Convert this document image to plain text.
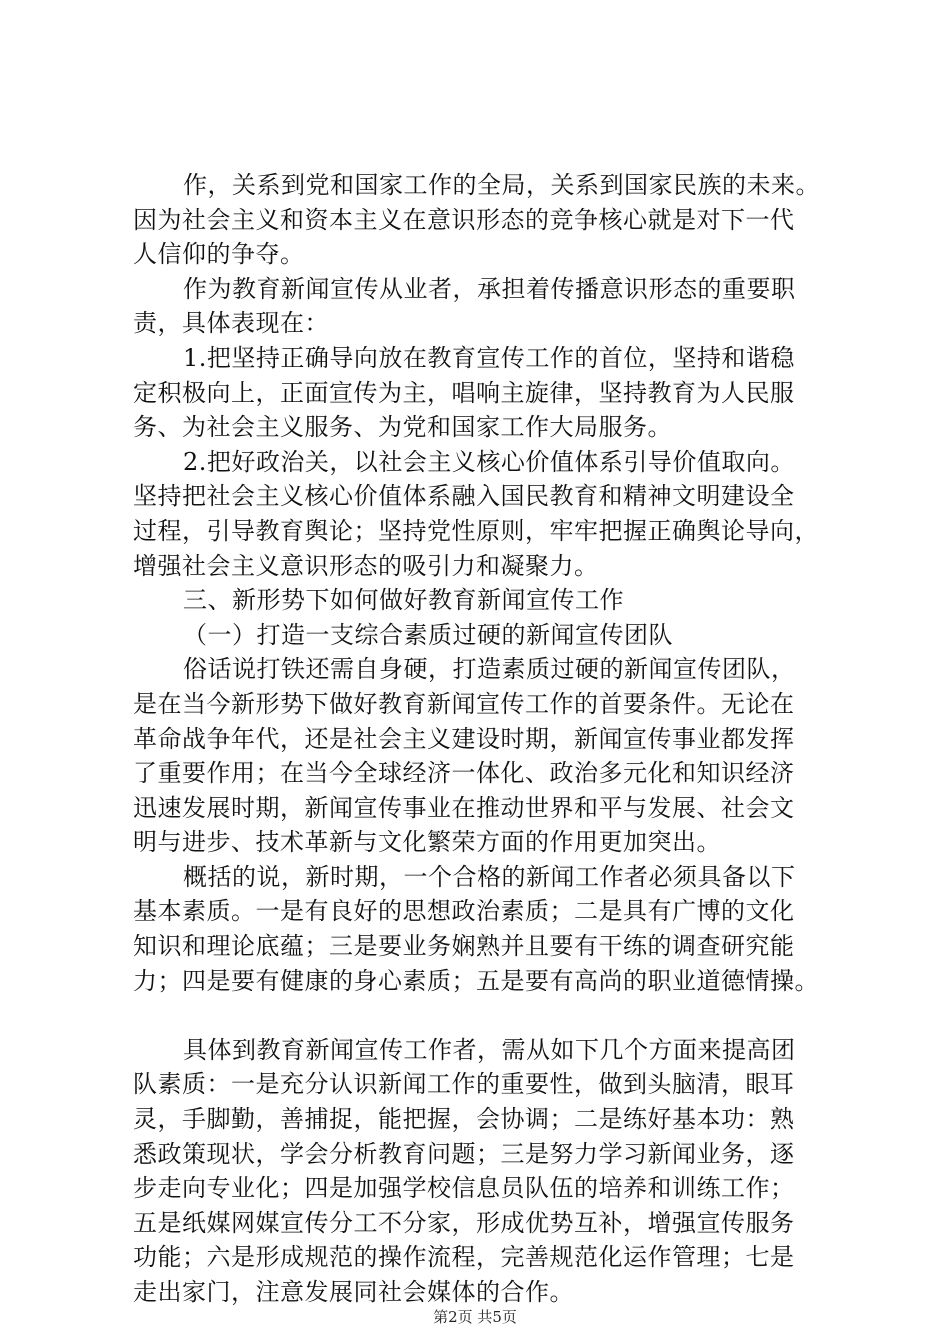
作，关系到党和国家工作的全局，关系到国家民族的未来。
因为社会主义和资本主义在意识形态的竞争核心就是对下一代
人信仰的争夺。
作为教育新闻宣传从业者，承担着传播意识形态的重要职
责，具体表现在：
1.把坚持正确导向放在教育宣传工作的首位，坚持和谐稳
定积极向上，正面宣传为主，唱响主旋律，坚持教育为人民服
务、为社会主义服务、为党和国家工作大局服务。
2.把好政治关，以社会主义核心价值体系引导价值取向。
坚持把社会主义核心价值体系融入国民教育和精神文明建设全
过程，引导教育舆论；坚持党性原则，牢牢把握正确舆论导向，
增强社会主义意识形态的吸引力和凝聚力。
三、新形势下如何做好教育新闻宣传工作
（一）打造一支综合素质过硬的新闻宣传团队
俗话说打铁还需自身硬，打造素质过硬的新闻宣传团队，
是在当今新形势下做好教育新闻宣传工作的首要条件。无论在
革命战争年代，还是社会主义建设时期，新闻宣传事业都发挥
了重要作用；在当今全球经济一体化、政治多元化和知识经济
迅速发展时期，新闻宣传事业在推动世界和平与发展、社会文
明与进步、技术革新与文化繁荣方面的作用更加突出。
概括的说，新时期，一个合格的新闻工作者必须具备以下
基本素质。一是有良好的思想政治素质；二是具有广博的文化
知识和理论底蕴；三是要业务娴熟并且要有干练的调查研究能
力；四是要有健康的身心素质；五是要有高尚的职业道德情操。
具体到教育新闻宣传工作者，需从如下几个方面来提高团
队素质：一是充分认识新闻工作的重要性，做到头脑清，眼耳
灵，手脚勤，善捕捉，能把握，会协调；二是练好基本功：熟
悉政策现状，学会分析教育问题；三是努力学习新闻业务，逐
步走向专业化；四是加强学校信息员队伍的培养和训练工作；
五是纸媒网媒宣传分工不分家，形成优势互补，增强宣传服务
功能；六是形成规范的操作流程，完善规范化运作管理；七是
走出家门，注意发展同社会媒体的合作。
第2页 共5页
